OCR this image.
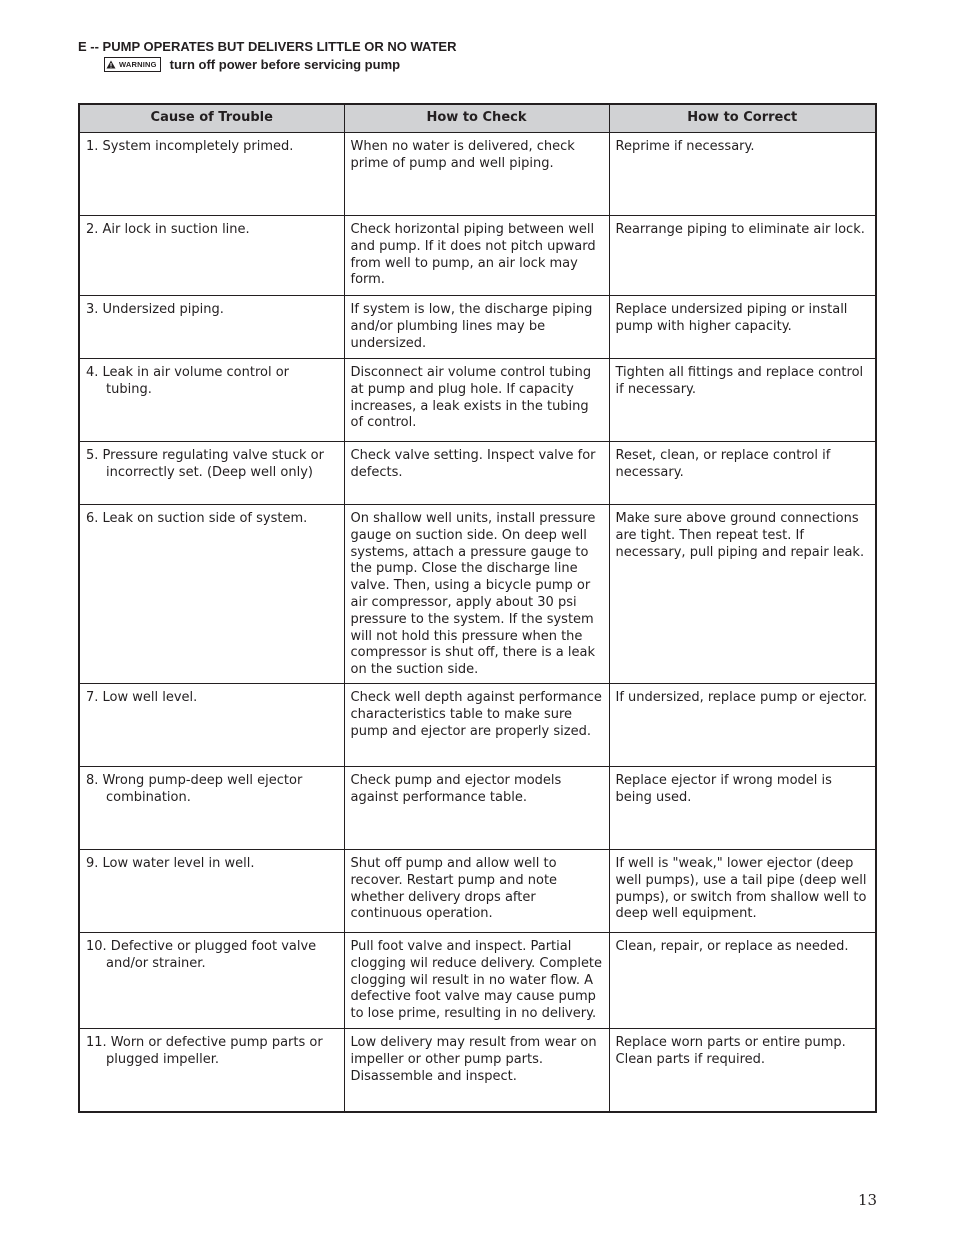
E -- PUMP OPERATES BUT DELIVERS LITTLE OR NO WATER
WARNING turn off power before servicing pump
Cause of Trouble	How to Check	How to Correct

1. System incompletely primed.	When no water is delivered, check prime of pump and well piping.	Reprime if necessary.

2. Air lock in suction line.	Check horizontal piping between well and pump. If it does not pitch upward from well to pump, an air lock may form.	Rearrange piping to eliminate air lock.

3. Undersized piping.	If system is low, the discharge piping and/or plumbing lines may be undersized.	Replace undersized piping or install pump with higher capacity.

4. Leak in air volume control or tubing.	Disconnect air volume control tubing at pump and plug hole. If capacity increases, a leak exists in the tubing of control.	Tighten all fittings and replace control if necessary.

5. Pressure regulating valve stuck or incorrectly set. (Deep well only)	Check valve setting. Inspect valve for defects.	Reset, clean, or replace control if necessary.

6. Leak on suction side of system.	On shallow well units, install pressure gauge on suction side. On deep well systems, attach a pressure gauge to the pump. Close the discharge line valve. Then, using a bicycle pump or air compressor, apply about 30 psi pressure to the system. If the system will not hold this pressure when the compressor is shut off, there is a leak on the suction side.	Make sure above ground connections are tight. Then repeat test. If necessary, pull piping and repair leak.

7. Low well level.	Check well depth against performance characteristics table to make sure pump and ejector are properly sized.	If undersized, replace pump or ejector.

8. Wrong pump-deep well ejector combination.	Check pump and ejector models against performance table.	Replace ejector if wrong model is being used.

9. Low water level in well.	Shut off pump and allow well to recover. Restart pump and note whether delivery drops after continuous operation.	If well is "weak," lower ejector (deep well pumps), use a tail pipe (deep well pumps), or switch from shallow well to deep well equipment.

10. Defective or plugged foot valve and/or strainer.	Pull foot valve and inspect. Partial clogging wil reduce delivery. Complete clogging wil result in no water flow. A defective foot valve may cause pump to lose prime, resulting in no delivery.	Clean, repair, or replace as needed.

11. Worn or defective pump parts or plugged impeller.	Low delivery may result from wear on impeller or other pump parts. Disassemble and inspect.	Replace worn parts or entire pump. Clean parts if required.
13
